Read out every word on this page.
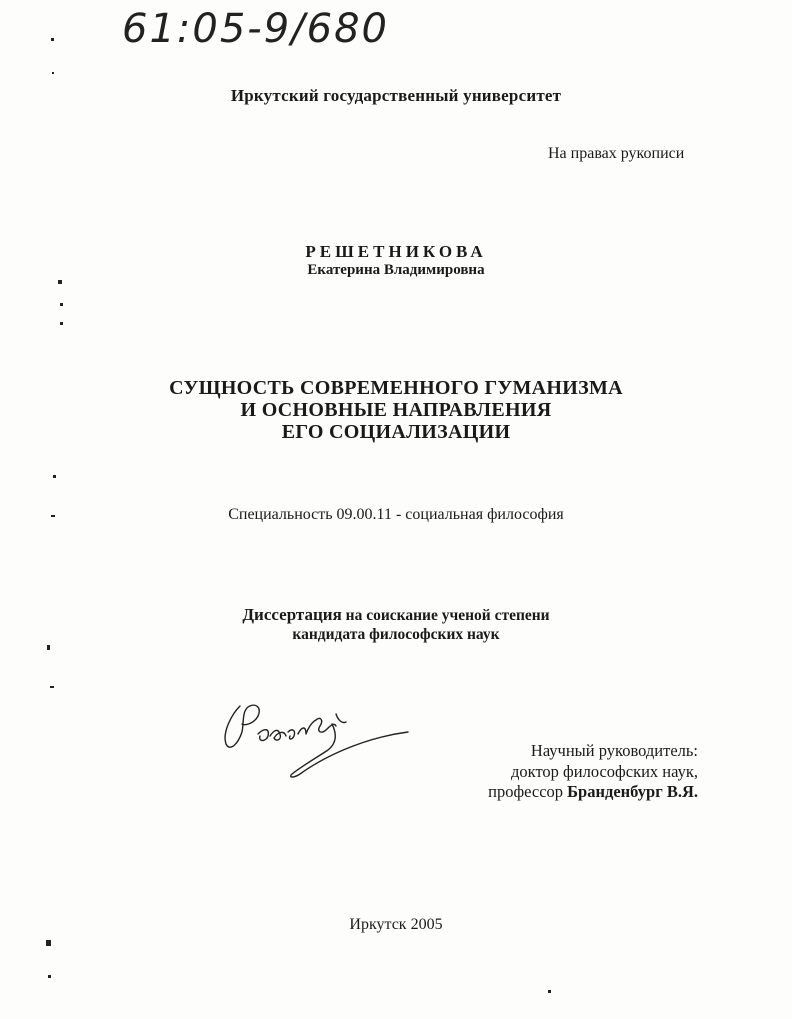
61:05-9/680
Иркутский государственный университет
На правах рукописи
РЕШЕТНИКОВА
Екатерина Владимировна
СУЩНОСТЬ СОВРЕМЕННОГО ГУМАНИЗМА
И ОСНОВНЫЕ НАПРАВЛЕНИЯ
ЕГО СОЦИАЛИЗАЦИИ
Специальность 09.00.11 - социальная философия
Диссертация на соискание ученой степени
кандидата философских наук
Научный руководитель:
доктор философских наук,
профессор Бранденбург В.Я.
Иркутск 2005
